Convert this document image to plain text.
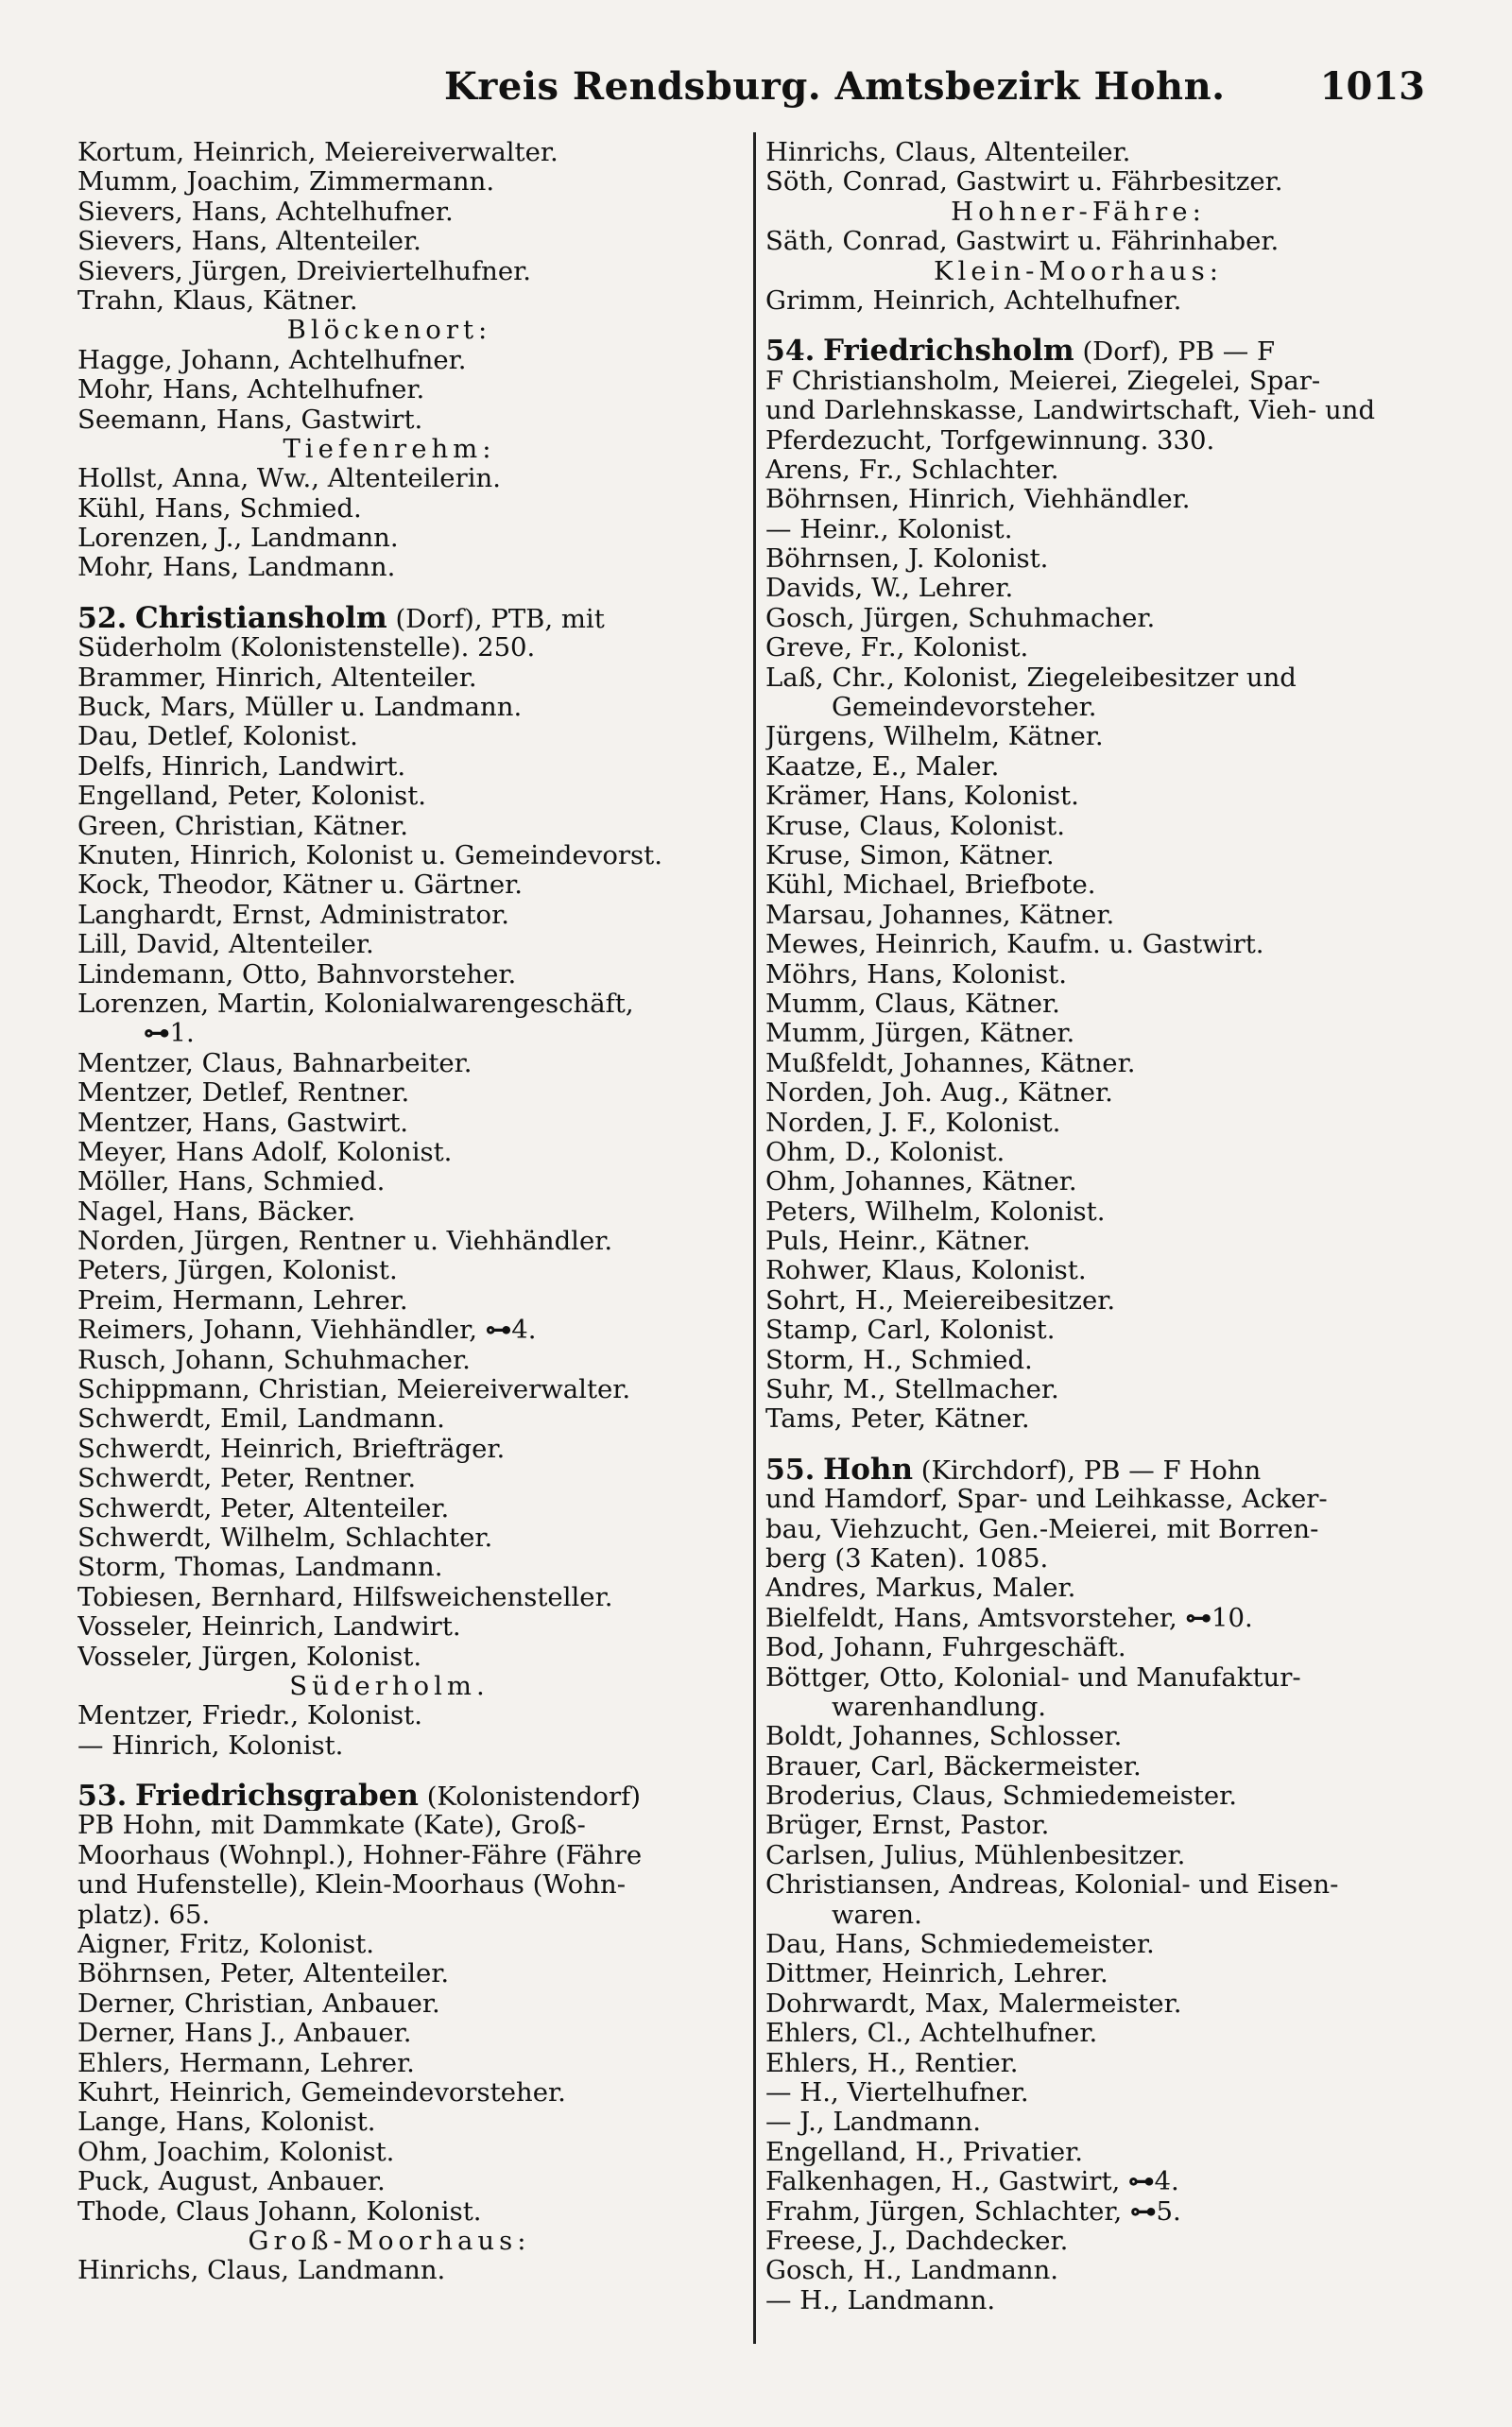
Kreis Rendsburg. Amtsbezirk Hohn.	1013
Kortum, Heinrich, Meiereiverwalter.
Mumm, Joachim, Zimmermann.
Sievers, Hans, Achtelhufner.
Sievers, Hans, Altenteiler.
Sievers, Jürgen, Dreiviertelhufner.
Trahn, Klaus, Kätner.
Blöckenort:
Hagge, Johann, Achtelhufner.
Mohr, Hans, Achtelhufner.
Seemann, Hans, Gastwirt.
Tiefenrehm:
Hollst, Anna, Ww., Altenteilerin.
Kühl, Hans, Schmied.
Lorenzen, J., Landmann.
Mohr, Hans, Landmann.
52. Christiansholm (Dorf), PTB, mit
Süderholm (Kolonistenstelle). 250.
Brammer, Hinrich, Altenteiler.
Buck, Mars, Müller u. Landmann.
Dau, Detlef, Kolonist.
Delfs, Hinrich, Landwirt.
Engelland, Peter, Kolonist.
Green, Christian, Kätner.
Knuten, Hinrich, Kolonist u. Gemeindevorst.
Kock, Theodor, Kätner u. Gärtner.
Langhardt, Ernst, Administrator.
Lill, David, Altenteiler.
Lindemann, Otto, Bahnvorsteher.
Lorenzen, Martin, Kolonialwarengeschäft,
⊶1.
Mentzer, Claus, Bahnarbeiter.
Mentzer, Detlef, Rentner.
Mentzer, Hans, Gastwirt.
Meyer, Hans Adolf, Kolonist.
Möller, Hans, Schmied.
Nagel, Hans, Bäcker.
Norden, Jürgen, Rentner u. Viehhändler.
Peters, Jürgen, Kolonist.
Preim, Hermann, Lehrer.
Reimers, Johann, Viehhändler, ⊶4.
Rusch, Johann, Schuhmacher.
Schippmann, Christian, Meiereiverwalter.
Schwerdt, Emil, Landmann.
Schwerdt, Heinrich, Briefträger.
Schwerdt, Peter, Rentner.
Schwerdt, Peter, Altenteiler.
Schwerdt, Wilhelm, Schlachter.
Storm, Thomas, Landmann.
Tobiesen, Bernhard, Hilfsweichensteller.
Vosseler, Heinrich, Landwirt.
Vosseler, Jürgen, Kolonist.
Süderholm.
Mentzer, Friedr., Kolonist.
— Hinrich, Kolonist.
53. Friedrichsgraben (Kolonistendorf)
PB Hohn, mit Dammkate (Kate), Groß-
Moorhaus (Wohnpl.), Hohner-Fähre (Fähre
und Hufenstelle), Klein-Moorhaus (Wohn-
platz). 65.
Aigner, Fritz, Kolonist.
Böhrnsen, Peter, Altenteiler.
Derner, Christian, Anbauer.
Derner, Hans J., Anbauer.
Ehlers, Hermann, Lehrer.
Kuhrt, Heinrich, Gemeindevorsteher.
Lange, Hans, Kolonist.
Ohm, Joachim, Kolonist.
Puck, August, Anbauer.
Thode, Claus Johann, Kolonist.
Groß-Moorhaus:
Hinrichs, Claus, Landmann.
Hinrichs, Claus, Altenteiler.
Söth, Conrad, Gastwirt u. Fährbesitzer.
Hohner-Fähre:
Säth, Conrad, Gastwirt u. Fährinhaber.
Klein-Moorhaus:
Grimm, Heinrich, Achtelhufner.
54. Friedrichsholm (Dorf), PB — F
F Christiansholm, Meierei, Ziegelei, Spar-
und Darlehnskasse, Landwirtschaft, Vieh- und
Pferdezucht, Torfgewinnung. 330.
Arens, Fr., Schlachter.
Böhrnsen, Hinrich, Viehhändler.
— Heinr., Kolonist.
Böhrnsen, J. Kolonist.
Davids, W., Lehrer.
Gosch, Jürgen, Schuhmacher.
Greve, Fr., Kolonist.
Laß, Chr., Kolonist, Ziegeleibesitzer und
Gemeindevorsteher.
Jürgens, Wilhelm, Kätner.
Kaatze, E., Maler.
Krämer, Hans, Kolonist.
Kruse, Claus, Kolonist.
Kruse, Simon, Kätner.
Kühl, Michael, Briefbote.
Marsau, Johannes, Kätner.
Mewes, Heinrich, Kaufm. u. Gastwirt.
Möhrs, Hans, Kolonist.
Mumm, Claus, Kätner.
Mumm, Jürgen, Kätner.
Mußfeldt, Johannes, Kätner.
Norden, Joh. Aug., Kätner.
Norden, J. F., Kolonist.
Ohm, D., Kolonist.
Ohm, Johannes, Kätner.
Peters, Wilhelm, Kolonist.
Puls, Heinr., Kätner.
Rohwer, Klaus, Kolonist.
Sohrt, H., Meiereibesitzer.
Stamp, Carl, Kolonist.
Storm, H., Schmied.
Suhr, M., Stellmacher.
Tams, Peter, Kätner.
55. Hohn (Kirchdorf), PB — F Hohn
und Hamdorf, Spar- und Leihkasse, Acker-
bau, Viehzucht, Gen.-Meierei, mit Borren-
berg (3 Katen). 1085.
Andres, Markus, Maler.
Bielfeldt, Hans, Amtsvorsteher, ⊶10.
Bod, Johann, Fuhrgeschäft.
Böttger, Otto, Kolonial- und Manufaktur-
warenhandlung.
Boldt, Johannes, Schlosser.
Brauer, Carl, Bäckermeister.
Broderius, Claus, Schmiedemeister.
Brüger, Ernst, Pastor.
Carlsen, Julius, Mühlenbesitzer.
Christiansen, Andreas, Kolonial- und Eisen-
waren.
Dau, Hans, Schmiedemeister.
Dittmer, Heinrich, Lehrer.
Dohrwardt, Max, Malermeister.
Ehlers, Cl., Achtelhufner.
Ehlers, H., Rentier.
— H., Viertelhufner.
— J., Landmann.
Engelland, H., Privatier.
Falkenhagen, H., Gastwirt, ⊶4.
Frahm, Jürgen, Schlachter, ⊶5.
Freese, J., Dachdecker.
Gosch, H., Landmann.
— H., Landmann.
